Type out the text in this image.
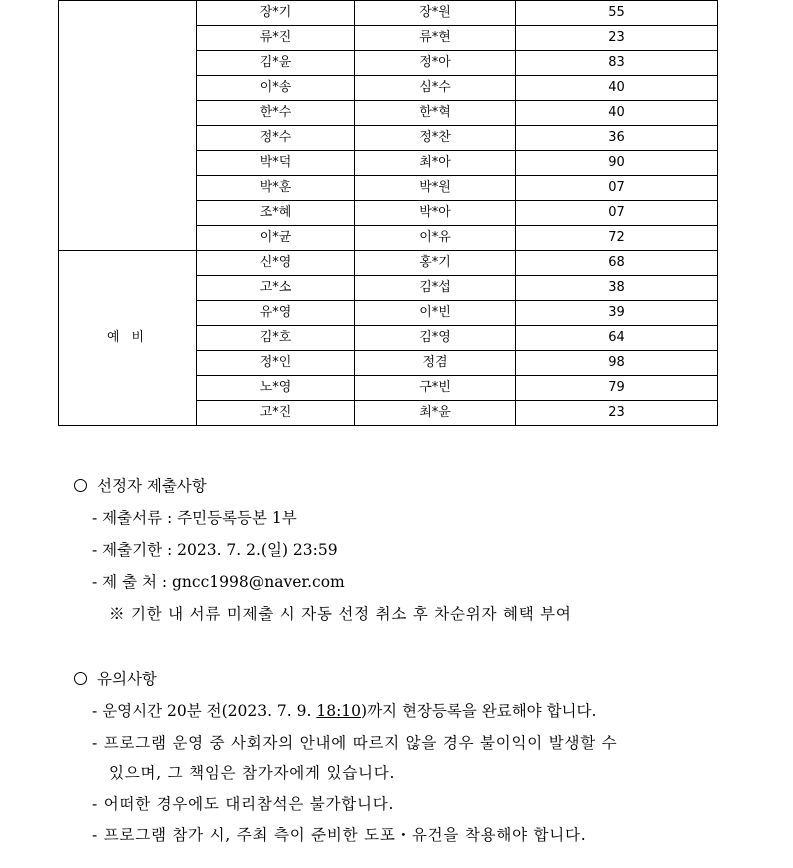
	장*기	장*원	55
	류*진	류*현	23
	김*윤	정*아	83
	이*송	심*수	40
	한*수	한*혁	40
	정*수	정*찬	36
	박*덕	최*아	90
	박*훈	박*원	07
	조*혜	박*아	07
	이*균	이*유	72
예 비	신*영	홍*기	68
	고*소	김*섭	38
	유*영	이*빈	39
	김*호	김*영	64
	정*인	정겸	98
	노*영	구*빈	79
	고*진	최*윤	23
선정자 제출사항
- 제출서류 : 주민등록등본 1부
- 제출기한 : 2023. 7. 2.(일) 23:59
- 제 출 처 : gncc1998@naver.com
※ 기한 내 서류 미제출 시 자동 선정 취소 후 차순위자 혜택 부여
유의사항
- 운영시간 20분 전(2023. 7. 9. 18:10)까지 현장등록을 완료해야 합니다.
- 프로그램 운영 중 사회자의 안내에 따르지 않을 경우 불이익이 발생할 수
있으며, 그 책임은 참가자에게 있습니다.
- 어떠한 경우에도 대리참석은 불가합니다.
- 프로그램 참가 시, 주최 측이 준비한 도포・유건을 착용해야 합니다.
